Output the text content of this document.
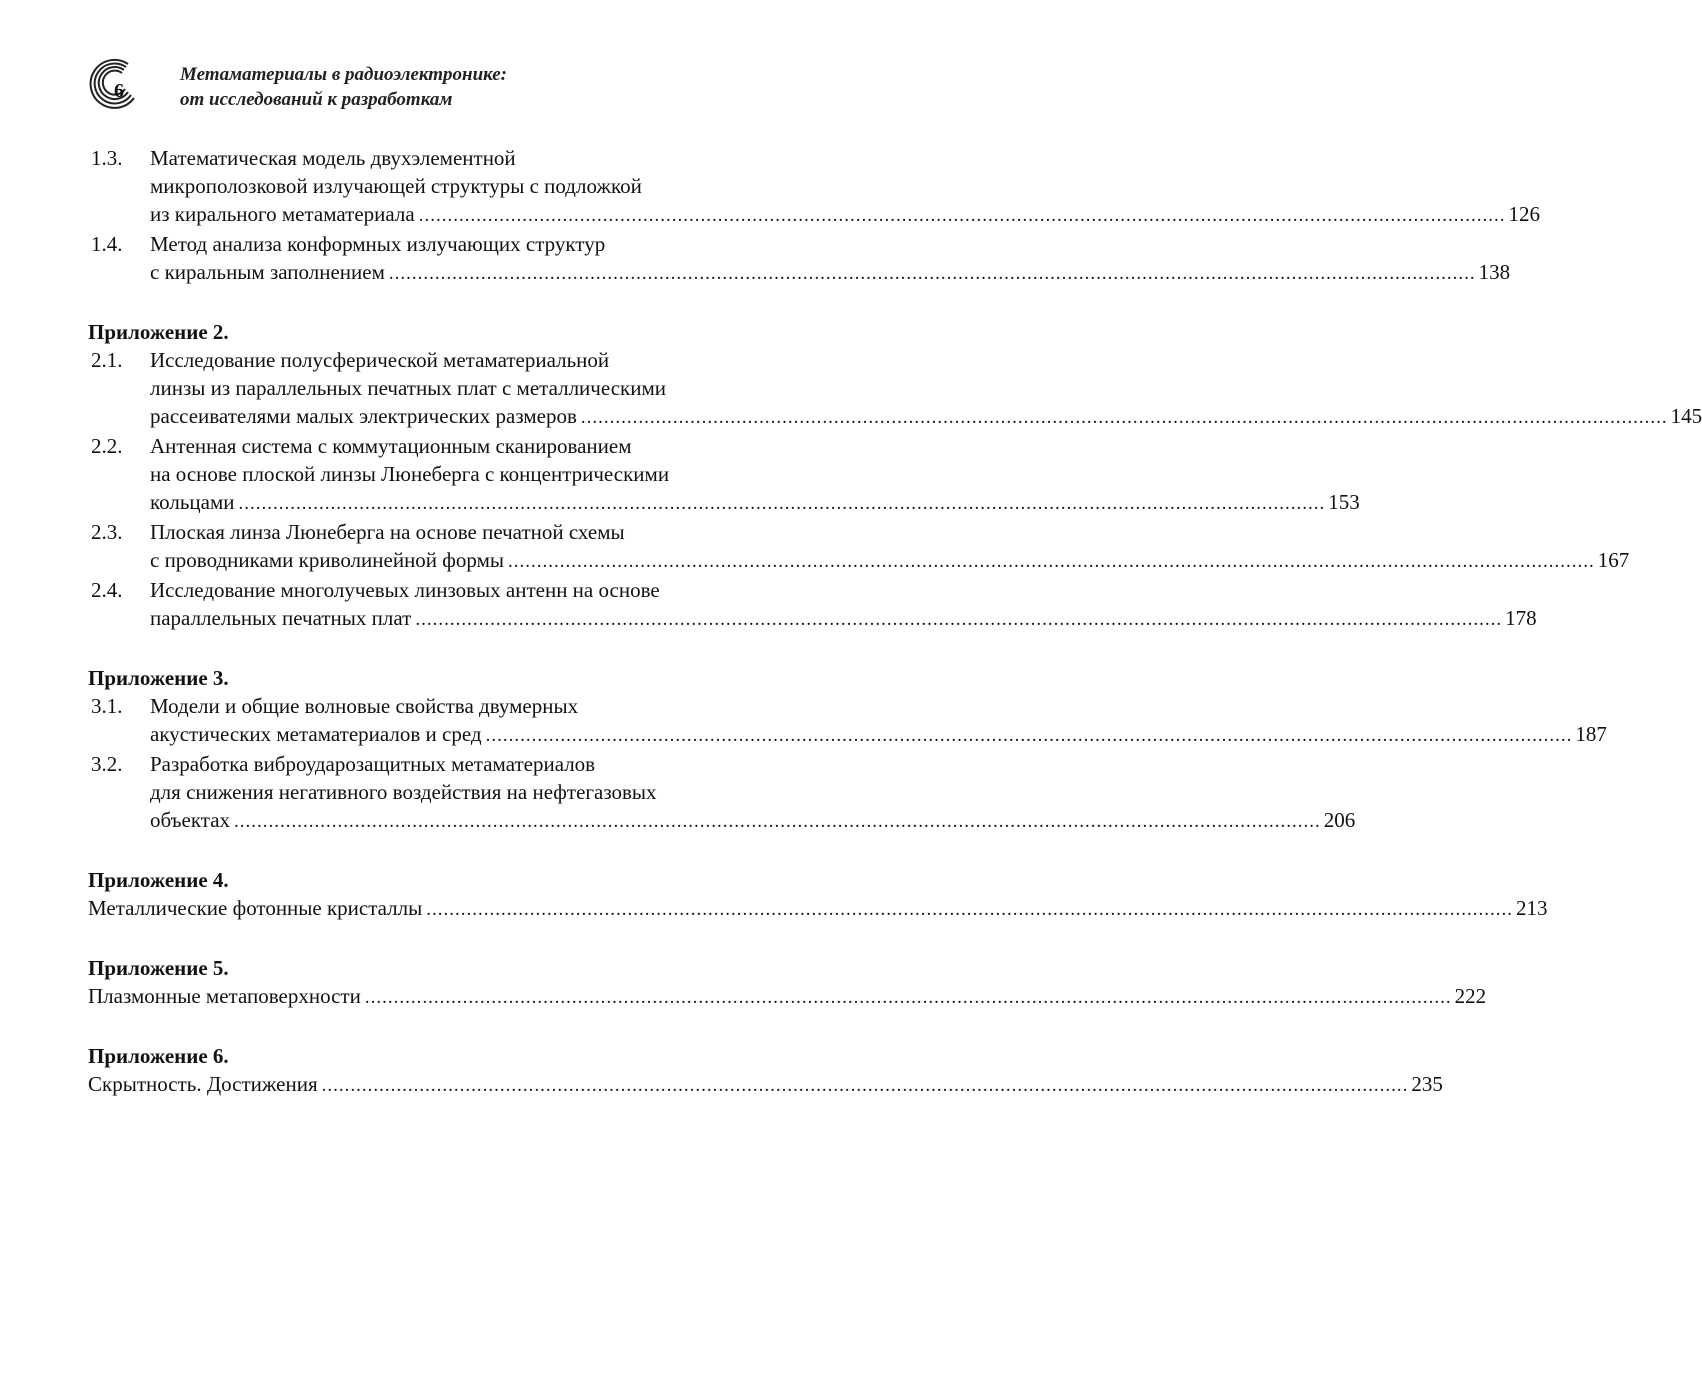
6
Метаматериалы в радиоэлектронике:
от исследований к разработкам
1.3. Математическая модель двухэлементной
микрополозковой излучающей структуры с подложкой
из кирального метаматериала ............................................................................................................................................................................................. 126
1.4. Метод анализа конформных излучающих структур
с киральным заполнением ............................................................................................................................................................................................. 138
Приложение 2.
2.1. Исследование полусферической метаматериальной
линзы из параллельных печатных плат с металлическими
рассеивателями малых электрических размеров ............................................................................................................................................................................................. 145
2.2. Антенная система с коммутационным сканированием
на основе плоской линзы Люнеберга с концентрическими
кольцами ............................................................................................................................................................................................. 153
2.3. Плоская линза Люнеберга на основе печатной схемы
с проводниками криволинейной формы ............................................................................................................................................................................................. 167
2.4. Исследование многолучевых линзовых антенн на основе
параллельных печатных плат ............................................................................................................................................................................................. 178
Приложение 3.
3.1. Модели и общие волновые свойства двумерных
акустических метаматериалов и сред ............................................................................................................................................................................................. 187
3.2. Разработка виброударозащитных метаматериалов
для снижения негативного воздействия на нефтегазовых
объектах ............................................................................................................................................................................................. 206
Приложение 4.
Металлические фотонные кристаллы ............................................................................................................................................................................................. 213
Приложение 5.
Плазмонные метаповерхности ............................................................................................................................................................................................. 222
Приложение 6.
Скрытность. Достижения ............................................................................................................................................................................................. 235
